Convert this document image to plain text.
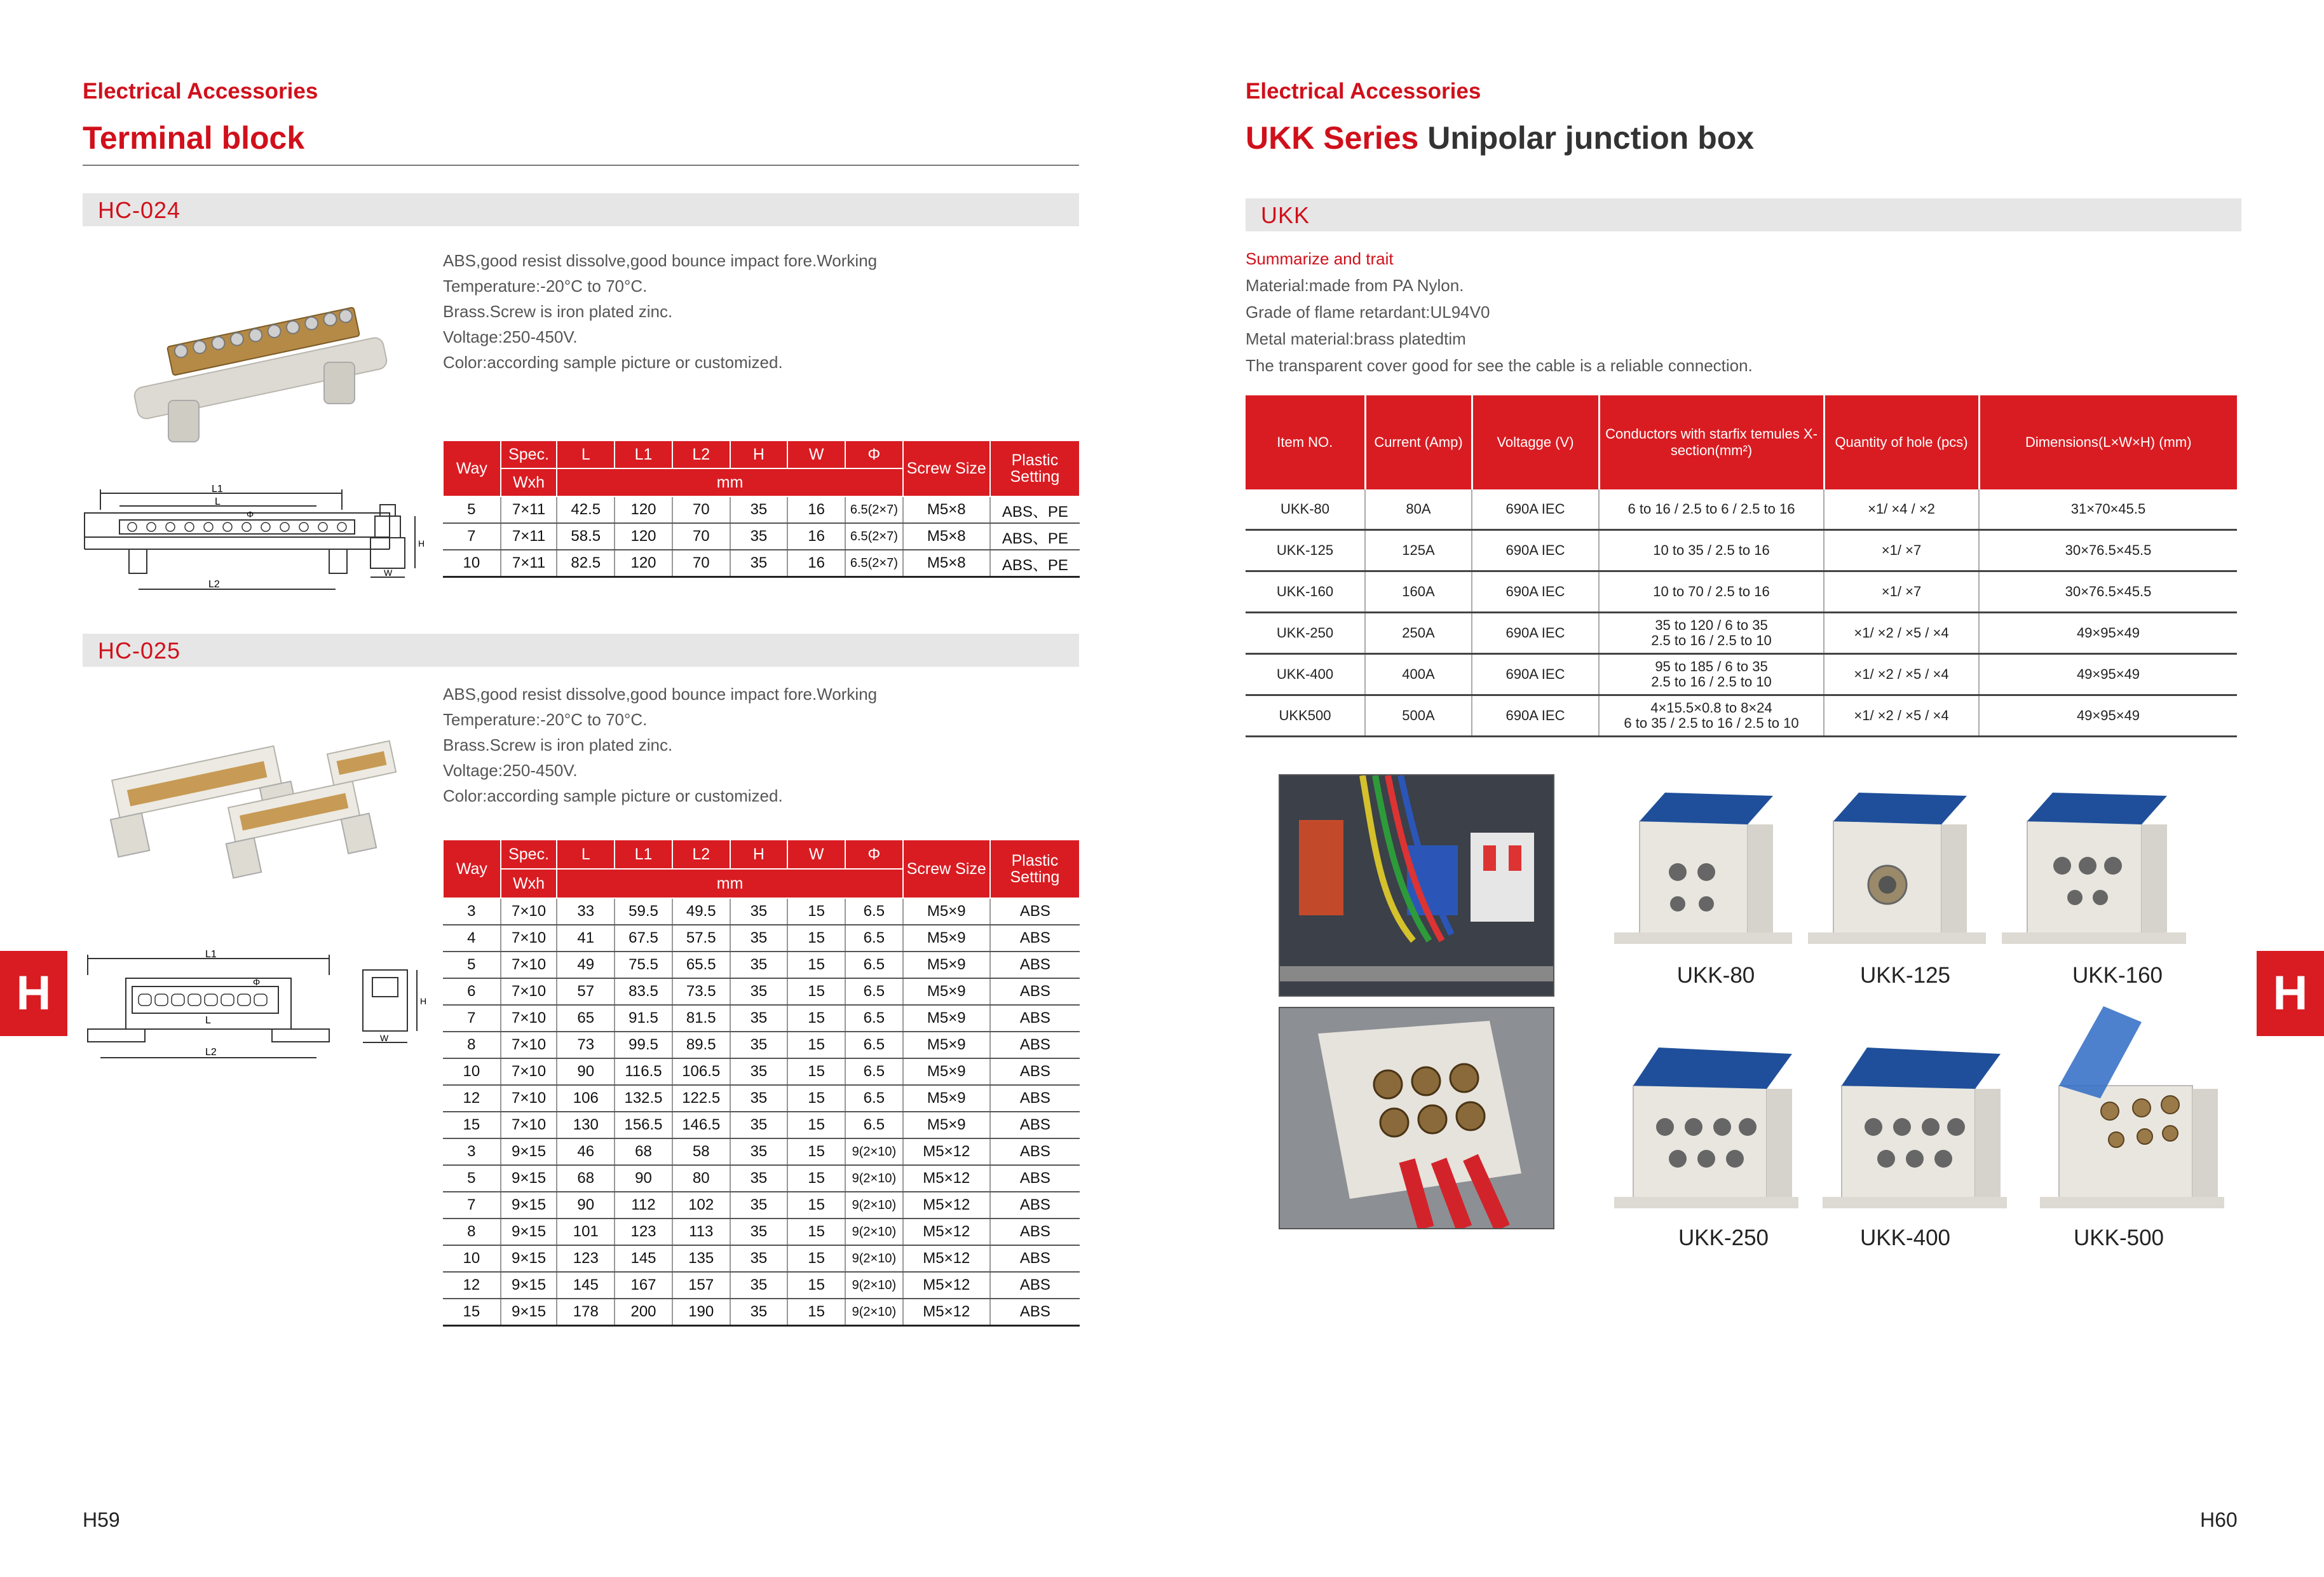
Electrical Accessories
Terminal block
HC-024
ABS,good resist dissolve,good bounce impact fore.Working
Temperature:-20°C to 70°C.
Brass.Screw is iron plated zinc.
Voltage:250-450V.
Color:according sample picture or customized.
L1
L
Φ
L2
H
W
Way	Spec.	L	L1	L2	H	W	Φ	Screw Size	Plastic Setting
	Wxh	mm							
5	7×11	42.5	120	70	35	16	6.5(2×7)	M5×8	ABS、PE
7	7×11	58.5	120	70	35	16	6.5(2×7)	M5×8	ABS、PE
10	7×11	82.5	120	70	35	16	6.5(2×7)	M5×8	ABS、PE
HC-025
ABS,good resist dissolve,good bounce impact fore.Working
Temperature:-20°C to 70°C.
Brass.Screw is iron plated zinc.
Voltage:250-450V.
Color:according sample picture or customized.
L1
Φ
L
L2
H
W
Way	Spec.	L	L1	L2	H	W	Φ	Screw Size	Plastic Setting
	Wxh	mm							
3	7×10	33	59.5	49.5	35	15	6.5	M5×9	ABS
4	7×10	41	67.5	57.5	35	15	6.5	M5×9	ABS
5	7×10	49	75.5	65.5	35	15	6.5	M5×9	ABS
6	7×10	57	83.5	73.5	35	15	6.5	M5×9	ABS
7	7×10	65	91.5	81.5	35	15	6.5	M5×9	ABS
8	7×10	73	99.5	89.5	35	15	6.5	M5×9	ABS
10	7×10	90	116.5	106.5	35	15	6.5	M5×9	ABS
12	7×10	106	132.5	122.5	35	15	6.5	M5×9	ABS
15	7×10	130	156.5	146.5	35	15	6.5	M5×9	ABS
3	9×15	46	68	58	35	15	9(2×10)	M5×12	ABS
5	9×15	68	90	80	35	15	9(2×10)	M5×12	ABS
7	9×15	90	112	102	35	15	9(2×10)	M5×12	ABS
8	9×15	101	123	113	35	15	9(2×10)	M5×12	ABS
10	9×15	123	145	135	35	15	9(2×10)	M5×12	ABS
12	9×15	145	167	157	35	15	9(2×10)	M5×12	ABS
15	9×15	178	200	190	35	15	9(2×10)	M5×12	ABS
H
H59
Electrical Accessories
UKK Series Unipolar junction box
UKK
Summarize and trait
Material:made from PA Nylon.
Grade of flame retardant:UL94V0
Metal material:brass platedtim
The transparent cover good for see the cable is a reliable connection.
Item NO.	Current (Amp)	Voltagge (V)	Conductors with starfix temules X-section(mm²)	Quantity of hole (pcs)	Dimensions(L×W×H) (mm)
UKK-80	80A	690A IEC	6 to 16 / 2.5 to 6 / 2.5 to 16	×1/ ×4 / ×2	31×70×45.5
UKK-125	125A	690A IEC	10 to 35 / 2.5 to 16	×1/ ×7	30×76.5×45.5
UKK-160	160A	690A IEC	10 to 70 / 2.5 to 16	×1/ ×7	30×76.5×45.5
UKK-250	250A	690A IEC	35 to 120 / 6 to 35
2.5 to 16 / 2.5 to 10	×1/ ×2 / ×5 / ×4	49×95×49
UKK-400	400A	690A IEC	95 to 185 / 6 to 35
2.5 to 16 / 2.5 to 10	×1/ ×2 / ×5 / ×4	49×95×49
UKK500	500A	690A IEC	4×15.5×0.8 to 8×24
6 to 35 / 2.5 to 16 / 2.5 to 10	×1/ ×2 / ×5 / ×4	49×95×49
UKK-80	UKK-125	UKK-160
UKK-250	UKK-400	UKK-500
H
H60
